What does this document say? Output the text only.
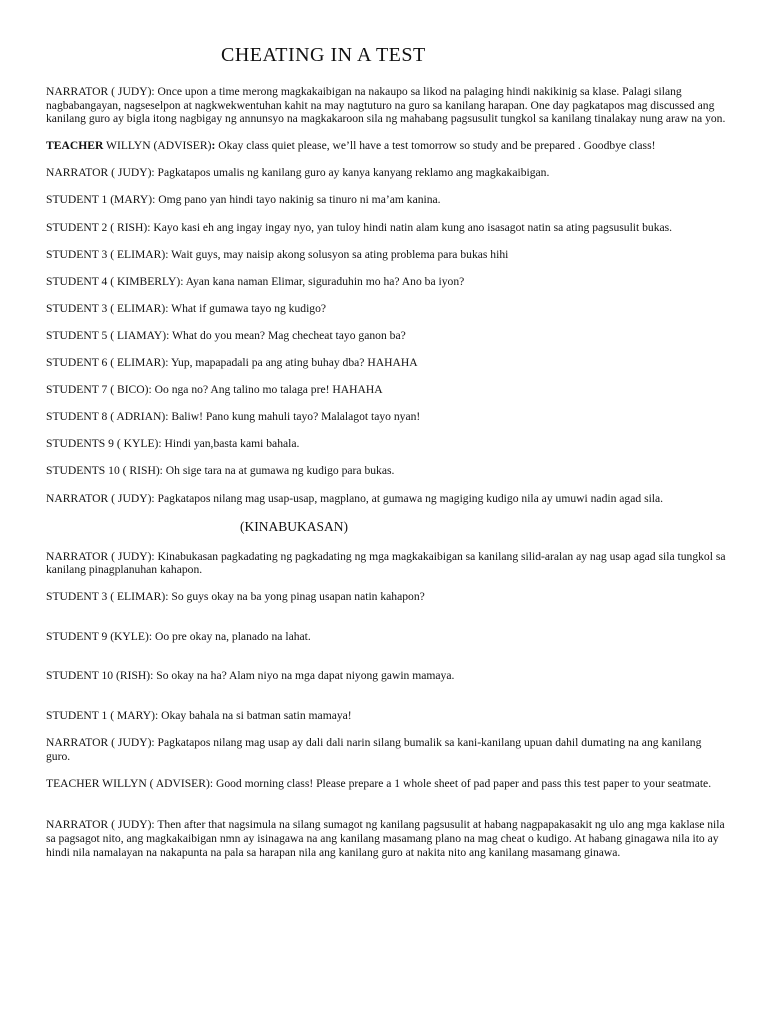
CHEATING IN A TEST

NARRATOR ( JUDY): Once upon a time merong magkakaibigan na nakaupo sa likod na palaging hindi nakikinig sa klase. Palagi silang nagbabangayan, nagseselpon at nagkwekwentuhan kahit na may nagtuturo na guro sa kanilang harapan. One day pagkatapos mag discussed ang kanilang guro ay bigla itong nagbigay ng annunsyo na magkakaroon sila ng mahabang pagsusulit tungkol sa kanilang tinalakay nung araw na yon.

TEACHER WILLYN (ADVISER): Okay class quiet please, we’ll have a test tomorrow so study and be prepared . Goodbye class!

NARRATOR ( JUDY): Pagkatapos umalis ng kanilang guro ay kanya kanyang reklamo ang magkakaibigan.

STUDENT 1 (MARY): Omg pano yan hindi tayo nakinig sa tinuro ni ma’am kanina.

STUDENT 2 ( RISH): Kayo kasi eh ang ingay ingay nyo, yan tuloy hindi natin alam kung ano isasagot natin sa ating pagsusulit bukas.

STUDENT 3 ( ELIMAR): Wait guys, may naisip akong solusyon sa ating problema para bukas hihi

STUDENT 4 ( KIMBERLY): Ayan kana naman Elimar, siguraduhin mo ha? Ano ba iyon?

STUDENT 3 ( ELIMAR): What if gumawa tayo ng kudigo?

STUDENT 5 ( LIAMAY): What do you mean? Mag checheat tayo ganon ba?

STUDENT 6 ( ELIMAR): Yup, mapapadali pa ang ating buhay dba? HAHAHA

STUDENT 7 ( BICO): Oo nga no? Ang talino mo talaga pre! HAHAHA

STUDENT 8 ( ADRIAN): Baliw! Pano kung mahuli tayo? Malalagot tayo nyan!

STUDENTS 9 ( KYLE): Hindi yan,basta kami bahala.

STUDENTS 10 ( RISH): Oh sige tara na at gumawa ng kudigo para bukas.

NARRATOR ( JUDY): Pagkatapos nilang mag usap-usap, magplano, at gumawa ng magiging kudigo nila ay umuwi nadin agad sila.

(KINABUKASAN)

NARRATOR ( JUDY): Kinabukasan pagkadating ng pagkadating ng mga magkakaibigan sa kanilang silid-aralan ay nag usap agad sila tungkol sa kanilang pinagplanuhan kahapon.

STUDENT 3 ( ELIMAR): So guys okay na ba yong pinag usapan natin kahapon?

STUDENT 9 (KYLE): Oo pre okay na, planado na lahat.

STUDENT 10 (RISH): So okay na ha? Alam niyo na mga dapat niyong gawin mamaya.

STUDENT 1 ( MARY): Okay bahala na si batman satin mamaya!

NARRATOR ( JUDY): Pagkatapos nilang mag usap ay dali dali narin silang bumalik sa kani-kanilang upuan dahil dumating na ang kanilang guro.

TEACHER WILLYN ( ADVISER): Good morning class! Please prepare a 1 whole sheet of pad paper and pass this test paper to your seatmate.

NARRATOR ( JUDY): Then after that nagsimula na silang sumagot ng kanilang pagsusulit at habang nagpapakasakit ng ulo ang mga kaklase nila sa pagsagot nito, ang magkakaibigan nmn ay isinagawa na ang kanilang masamang plano na mag cheat o kudigo. At habang ginagawa nila ito ay hindi nila namalayan na nakapunta na pala sa harapan nila ang kanilang guro at nakita nito ang kanilang masamang ginawa.
